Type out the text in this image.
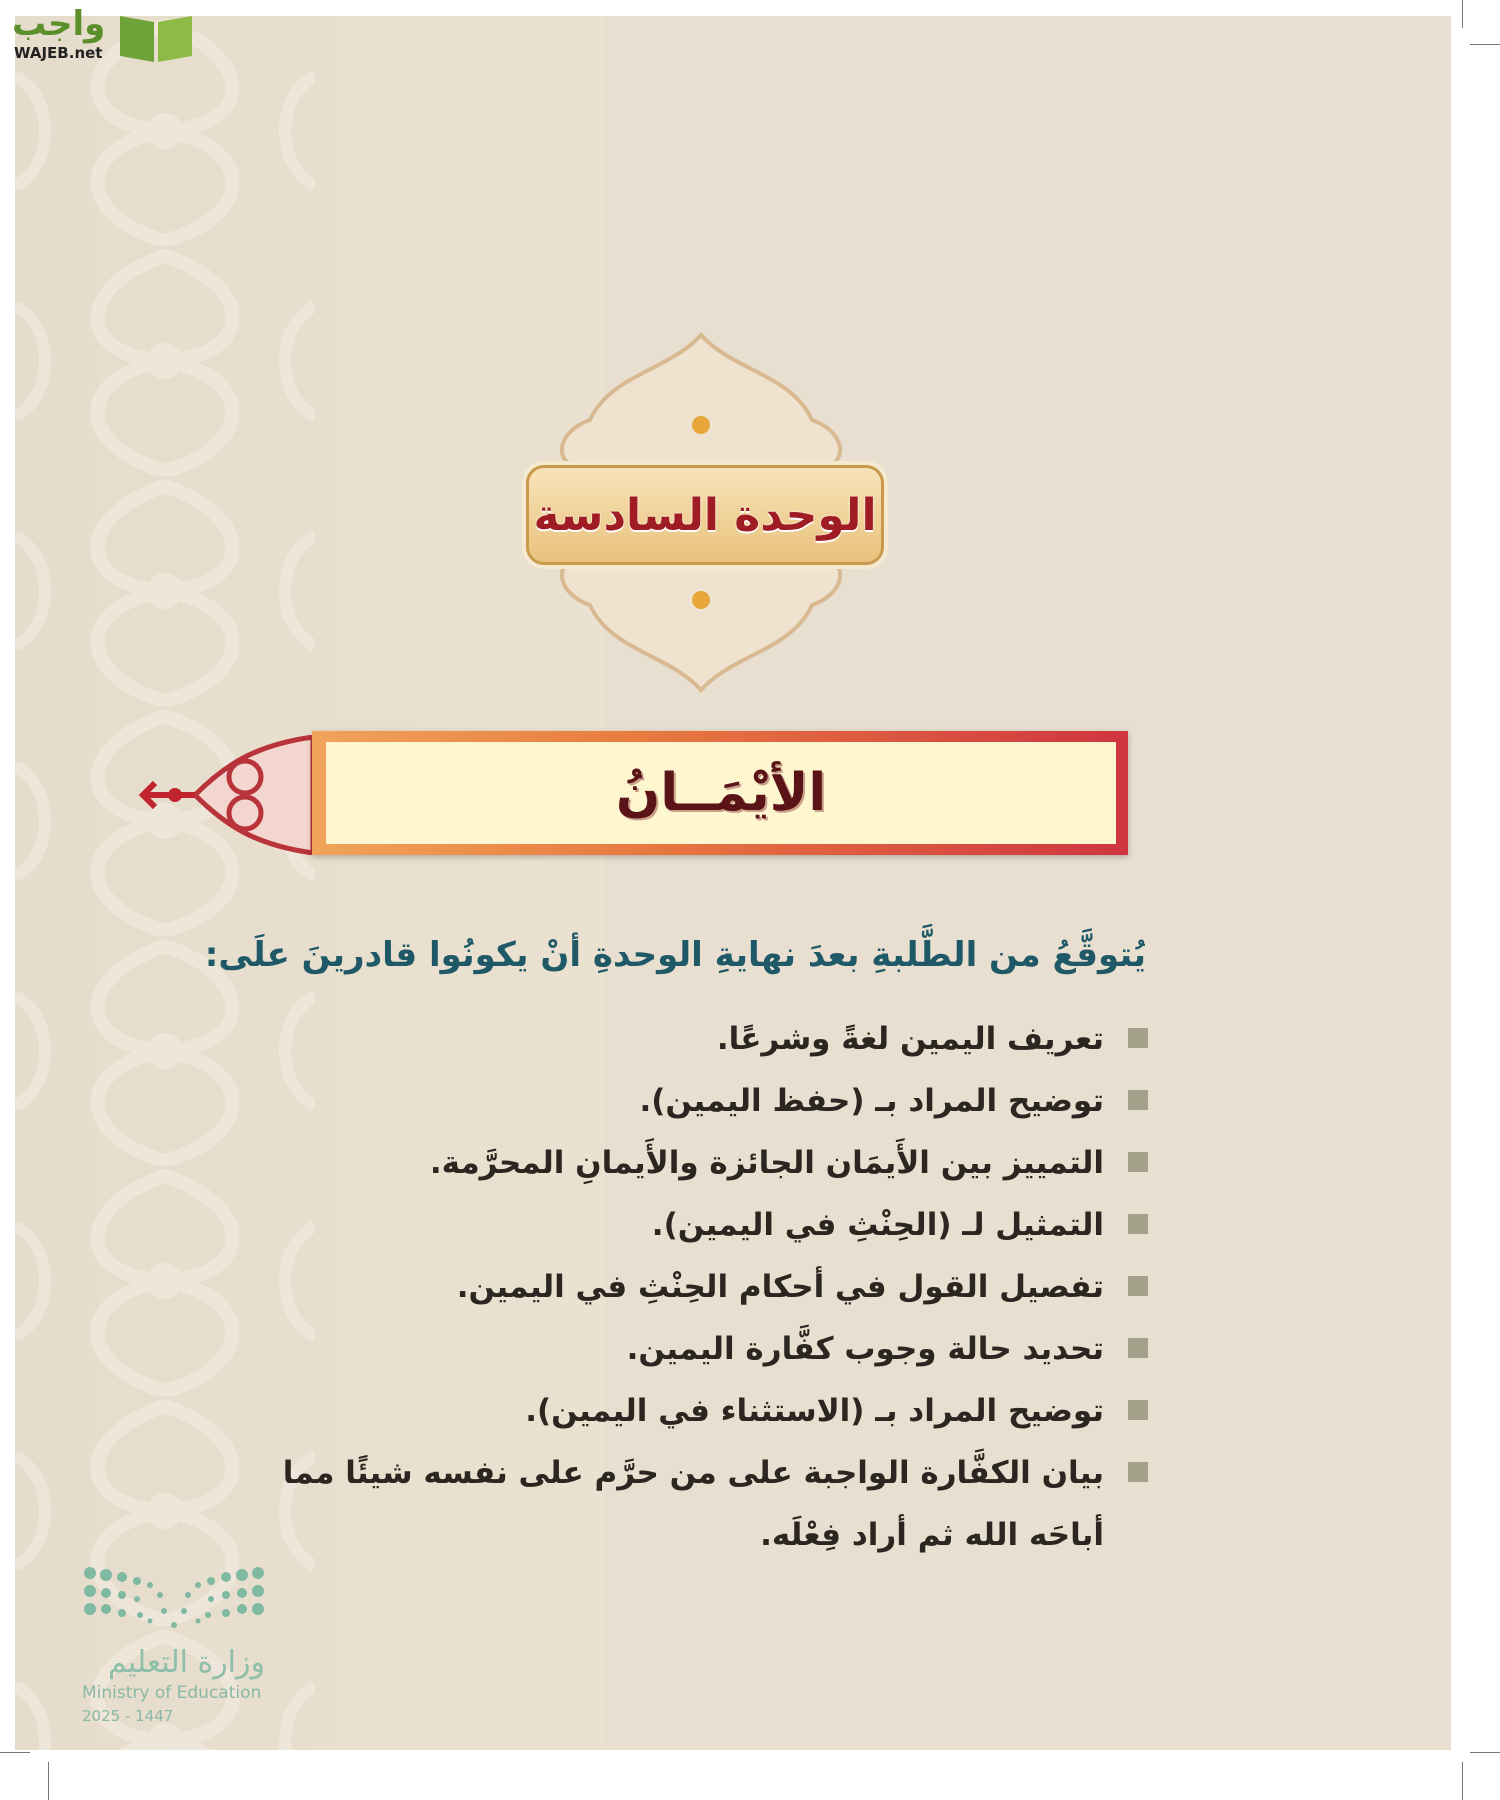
واجب
WAJEB.net
الوحدة السادسة
الأيْمَــانُ
يُتوقَّعُ من الطَّلبةِ بعدَ نهايةِ الوحدةِ أنْ يكونُوا قادرينَ علَى:
تعريف اليمين لغةً وشرعًا.
توضيح المراد بـ (حفظ اليمين).
التمييز بين الأَيمَان الجائزة والأَيمانِ المحرَّمة.
التمثيل لـ (الحِنْثِ في اليمين).
تفصيل القول في أحكام الحِنْثِ في اليمين.
تحديد حالة وجوب كفَّارة اليمين.
توضيح المراد بـ (الاستثناء في اليمين).
بيان الكفَّارة الواجبة على من حرَّم على نفسه شيئًا مما أباحَه الله ثم أراد فِعْلَه.
وزارة التعليم
Ministry of Education
2025 - 1447
